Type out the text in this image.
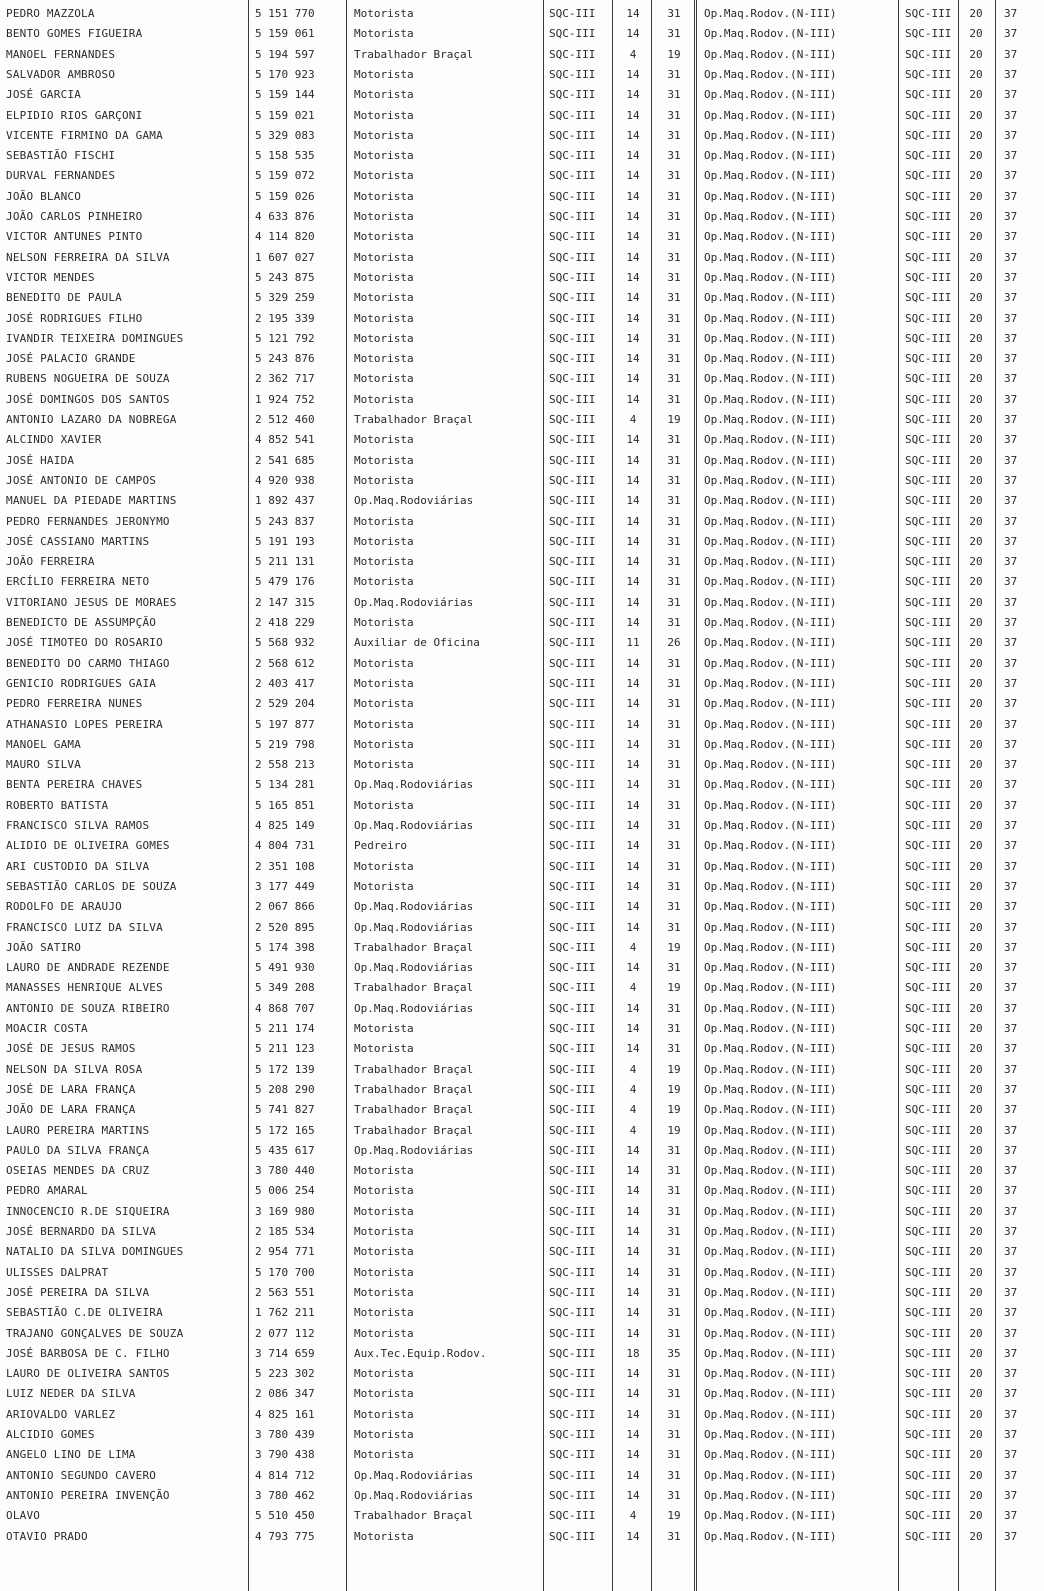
PEDRO MAZZOLA	5 151 770	Motorista	SQC-III	14	31	Op.Maq.Rodov.(N-III)	SQC-III	20	37
BENTO GOMES FIGUEIRA	5 159 061	Motorista	SQC-III	14	31	Op.Maq.Rodov.(N-III)	SQC-III	20	37
MANOEL FERNANDES	5 194 597	Trabalhador Braçal	SQC-III	4	19	Op.Maq.Rodov.(N-III)	SQC-III	20	37
SALVADOR AMBROSO	5 170 923	Motorista	SQC-III	14	31	Op.Maq.Rodov.(N-III)	SQC-III	20	37
JOSÉ GARCIA	5 159 144	Motorista	SQC-III	14	31	Op.Maq.Rodov.(N-III)	SQC-III	20	37
ELPIDIO RIOS GARÇONI	5 159 021	Motorista	SQC-III	14	31	Op.Maq.Rodov.(N-III)	SQC-III	20	37
VICENTE FIRMINO DA GAMA	5 329 083	Motorista	SQC-III	14	31	Op.Maq.Rodov.(N-III)	SQC-III	20	37
SEBASTIÃO FISCHI	5 158 535	Motorista	SQC-III	14	31	Op.Maq.Rodov.(N-III)	SQC-III	20	37
DURVAL FERNANDES	5 159 072	Motorista	SQC-III	14	31	Op.Maq.Rodov.(N-III)	SQC-III	20	37
JOÃO BLANCO	5 159 026	Motorista	SQC-III	14	31	Op.Maq.Rodov.(N-III)	SQC-III	20	37
JOÃO CARLOS PINHEIRO	4 633 876	Motorista	SQC-III	14	31	Op.Maq.Rodov.(N-III)	SQC-III	20	37
VICTOR ANTUNES PINTO	4 114 820	Motorista	SQC-III	14	31	Op.Maq.Rodov.(N-III)	SQC-III	20	37
NELSON FERREIRA DA SILVA	1 607 027	Motorista	SQC-III	14	31	Op.Maq.Rodov.(N-III)	SQC-III	20	37
VICTOR MENDES	5 243 875	Motorista	SQC-III	14	31	Op.Maq.Rodov.(N-III)	SQC-III	20	37
BENEDITO DE PAULA	5 329 259	Motorista	SQC-III	14	31	Op.Maq.Rodov.(N-III)	SQC-III	20	37
JOSÉ RODRIGUES FILHO	2 195 339	Motorista	SQC-III	14	31	Op.Maq.Rodov.(N-III)	SQC-III	20	37
IVANDIR TEIXEIRA DOMINGUES	5 121 792	Motorista	SQC-III	14	31	Op.Maq.Rodov.(N-III)	SQC-III	20	37
JOSÉ PALACIO GRANDE	5 243 876	Motorista	SQC-III	14	31	Op.Maq.Rodov.(N-III)	SQC-III	20	37
RUBENS NOGUEIRA DE SOUZA	2 362 717	Motorista	SQC-III	14	31	Op.Maq.Rodov.(N-III)	SQC-III	20	37
JOSÉ DOMINGOS DOS SANTOS	1 924 752	Motorista	SQC-III	14	31	Op.Maq.Rodov.(N-III)	SQC-III	20	37
ANTONIO LAZARO DA NOBREGA	2 512 460	Trabalhador Braçal	SQC-III	4	19	Op.Maq.Rodov.(N-III)	SQC-III	20	37
ALCINDO XAVIER	4 852 541	Motorista	SQC-III	14	31	Op.Maq.Rodov.(N-III)	SQC-III	20	37
JOSÉ HAIDA	2 541 685	Motorista	SQC-III	14	31	Op.Maq.Rodov.(N-III)	SQC-III	20	37
JOSÉ ANTONIO DE CAMPOS	4 920 938	Motorista	SQC-III	14	31	Op.Maq.Rodov.(N-III)	SQC-III	20	37
MANUEL DA PIEDADE MARTINS	1 892 437	Op.Maq.Rodoviárias	SQC-III	14	31	Op.Maq.Rodov.(N-III)	SQC-III	20	37
PEDRO FERNANDES JERONYMO	5 243 837	Motorista	SQC-III	14	31	Op.Maq.Rodov.(N-III)	SQC-III	20	37
JOSÉ CASSIANO MARTINS	5 191 193	Motorista	SQC-III	14	31	Op.Maq.Rodov.(N-III)	SQC-III	20	37
JOÃO FERREIRA	5 211 131	Motorista	SQC-III	14	31	Op.Maq.Rodov.(N-III)	SQC-III	20	37
ERCÍLIO FERREIRA NETO	5 479 176	Motorista	SQC-III	14	31	Op.Maq.Rodov.(N-III)	SQC-III	20	37
VITORIANO JESUS DE MORAES	2 147 315	Op.Maq.Rodoviárias	SQC-III	14	31	Op.Maq.Rodov.(N-III)	SQC-III	20	37
BENEDICTO DE ASSUMPÇÃO	2 418 229	Motorista	SQC-III	14	31	Op.Maq.Rodov.(N-III)	SQC-III	20	37
JOSÉ TIMOTEO DO ROSARIO	5 568 932	Auxiliar de Oficina	SQC-III	11	26	Op.Maq.Rodov.(N-III)	SQC-III	20	37
BENEDITO DO CARMO THIAGO	2 568 612	Motorista	SQC-III	14	31	Op.Maq.Rodov.(N-III)	SQC-III	20	37
GENICIO RODRIGUES GAIA	2 403 417	Motorista	SQC-III	14	31	Op.Maq.Rodov.(N-III)	SQC-III	20	37
PEDRO FERREIRA NUNES	2 529 204	Motorista	SQC-III	14	31	Op.Maq.Rodov.(N-III)	SQC-III	20	37
ATHANASIO LOPES PEREIRA	5 197 877	Motorista	SQC-III	14	31	Op.Maq.Rodov.(N-III)	SQC-III	20	37
MANOEL GAMA	5 219 798	Motorista	SQC-III	14	31	Op.Maq.Rodov.(N-III)	SQC-III	20	37
MAURO SILVA	2 558 213	Motorista	SQC-III	14	31	Op.Maq.Rodov.(N-III)	SQC-III	20	37
BENTA PEREIRA CHAVES	5 134 281	Op.Maq.Rodoviárias	SQC-III	14	31	Op.Maq.Rodov.(N-III)	SQC-III	20	37
ROBERTO BATISTA	5 165 851	Motorista	SQC-III	14	31	Op.Maq.Rodov.(N-III)	SQC-III	20	37
FRANCISCO SILVA RAMOS	4 825 149	Op.Maq.Rodoviárias	SQC-III	14	31	Op.Maq.Rodov.(N-III)	SQC-III	20	37
ALIDIO DE OLIVEIRA GOMES	4 804 731	Pedreiro	SQC-III	14	31	Op.Maq.Rodov.(N-III)	SQC-III	20	37
ARI CUSTODIO DA SILVA	2 351 108	Motorista	SQC-III	14	31	Op.Maq.Rodov.(N-III)	SQC-III	20	37
SEBASTIÃO CARLOS DE SOUZA	3 177 449	Motorista	SQC-III	14	31	Op.Maq.Rodov.(N-III)	SQC-III	20	37
RODOLFO DE ARAUJO	2 067 866	Op.Maq.Rodoviárias	SQC-III	14	31	Op.Maq.Rodov.(N-III)	SQC-III	20	37
FRANCISCO LUIZ DA SILVA	2 520 895	Op.Maq.Rodoviárias	SQC-III	14	31	Op.Maq.Rodov.(N-III)	SQC-III	20	37
JOÃO SATIRO	5 174 398	Trabalhador Braçal	SQC-III	4	19	Op.Maq.Rodov.(N-III)	SQC-III	20	37
LAURO DE ANDRADE REZENDE	5 491 930	Op.Maq.Rodoviárias	SQC-III	14	31	Op.Maq.Rodov.(N-III)	SQC-III	20	37
MANASSES HENRIQUE ALVES	5 349 208	Trabalhador Braçal	SQC-III	4	19	Op.Maq.Rodov.(N-III)	SQC-III	20	37
ANTONIO DE SOUZA RIBEIRO	4 868 707	Op.Maq.Rodoviárias	SQC-III	14	31	Op.Maq.Rodov.(N-III)	SQC-III	20	37
MOACIR COSTA	5 211 174	Motorista	SQC-III	14	31	Op.Maq.Rodov.(N-III)	SQC-III	20	37
JOSÉ DE JESUS RAMOS	5 211 123	Motorista	SQC-III	14	31	Op.Maq.Rodov.(N-III)	SQC-III	20	37
NELSON DA SILVA ROSA	5 172 139	Trabalhador Braçal	SQC-III	4	19	Op.Maq.Rodov.(N-III)	SQC-III	20	37
JOSÉ DE LARA FRANÇA	5 208 290	Trabalhador Braçal	SQC-III	4	19	Op.Maq.Rodov.(N-III)	SQC-III	20	37
JOÃO DE LARA FRANÇA	5 741 827	Trabalhador Braçal	SQC-III	4	19	Op.Maq.Rodov.(N-III)	SQC-III	20	37
LAURO PEREIRA MARTINS	5 172 165	Trabalhador Braçal	SQC-III	4	19	Op.Maq.Rodov.(N-III)	SQC-III	20	37
PAULO DA SILVA FRANÇA	5 435 617	Op.Maq.Rodoviárias	SQC-III	14	31	Op.Maq.Rodov.(N-III)	SQC-III	20	37
OSEIAS MENDES DA CRUZ	3 780 440	Motorista	SQC-III	14	31	Op.Maq.Rodov.(N-III)	SQC-III	20	37
PEDRO AMARAL	5 006 254	Motorista	SQC-III	14	31	Op.Maq.Rodov.(N-III)	SQC-III	20	37
INNOCENCIO R.DE SIQUEIRA	3 169 980	Motorista	SQC-III	14	31	Op.Maq.Rodov.(N-III)	SQC-III	20	37
JOSÉ BERNARDO DA SILVA	2 185 534	Motorista	SQC-III	14	31	Op.Maq.Rodov.(N-III)	SQC-III	20	37
NATALIO DA SILVA DOMINGUES	2 954 771	Motorista	SQC-III	14	31	Op.Maq.Rodov.(N-III)	SQC-III	20	37
ULISSES DALPRAT	5 170 700	Motorista	SQC-III	14	31	Op.Maq.Rodov.(N-III)	SQC-III	20	37
JOSÉ PEREIRA DA SILVA	2 563 551	Motorista	SQC-III	14	31	Op.Maq.Rodov.(N-III)	SQC-III	20	37
SEBASTIÃO C.DE OLIVEIRA	1 762 211	Motorista	SQC-III	14	31	Op.Maq.Rodov.(N-III)	SQC-III	20	37
TRAJANO GONÇALVES DE SOUZA	2 077 112	Motorista	SQC-III	14	31	Op.Maq.Rodov.(N-III)	SQC-III	20	37
JOSÉ BARBOSA DE C. FILHO	3 714 659	Aux.Tec.Equip.Rodov.	SQC-III	18	35	Op.Maq.Rodov.(N-III)	SQC-III	20	37
LAURO DE OLIVEIRA SANTOS	5 223 302	Motorista	SQC-III	14	31	Op.Maq.Rodov.(N-III)	SQC-III	20	37
LUIZ NEDER DA SILVA	2 086 347	Motorista	SQC-III	14	31	Op.Maq.Rodov.(N-III)	SQC-III	20	37
ARIOVALDO VARLEZ	4 825 161	Motorista	SQC-III	14	31	Op.Maq.Rodov.(N-III)	SQC-III	20	37
ALCIDIO GOMES	3 780 439	Motorista	SQC-III	14	31	Op.Maq.Rodov.(N-III)	SQC-III	20	37
ANGELO LINO DE LIMA	3 790 438	Motorista	SQC-III	14	31	Op.Maq.Rodov.(N-III)	SQC-III	20	37
ANTONIO SEGUNDO CAVERO	4 814 712	Op.Maq.Rodoviárias	SQC-III	14	31	Op.Maq.Rodov.(N-III)	SQC-III	20	37
ANTONIO PEREIRA INVENÇÃO	3 780 462	Op.Maq.Rodoviárias	SQC-III	14	31	Op.Maq.Rodov.(N-III)	SQC-III	20	37
OLAVO	5 510 450	Trabalhador Braçal	SQC-III	4	19	Op.Maq.Rodov.(N-III)	SQC-III	20	37
OTAVIO PRADO	4 793 775	Motorista	SQC-III	14	31	Op.Maq.Rodov.(N-III)	SQC-III	20	37
